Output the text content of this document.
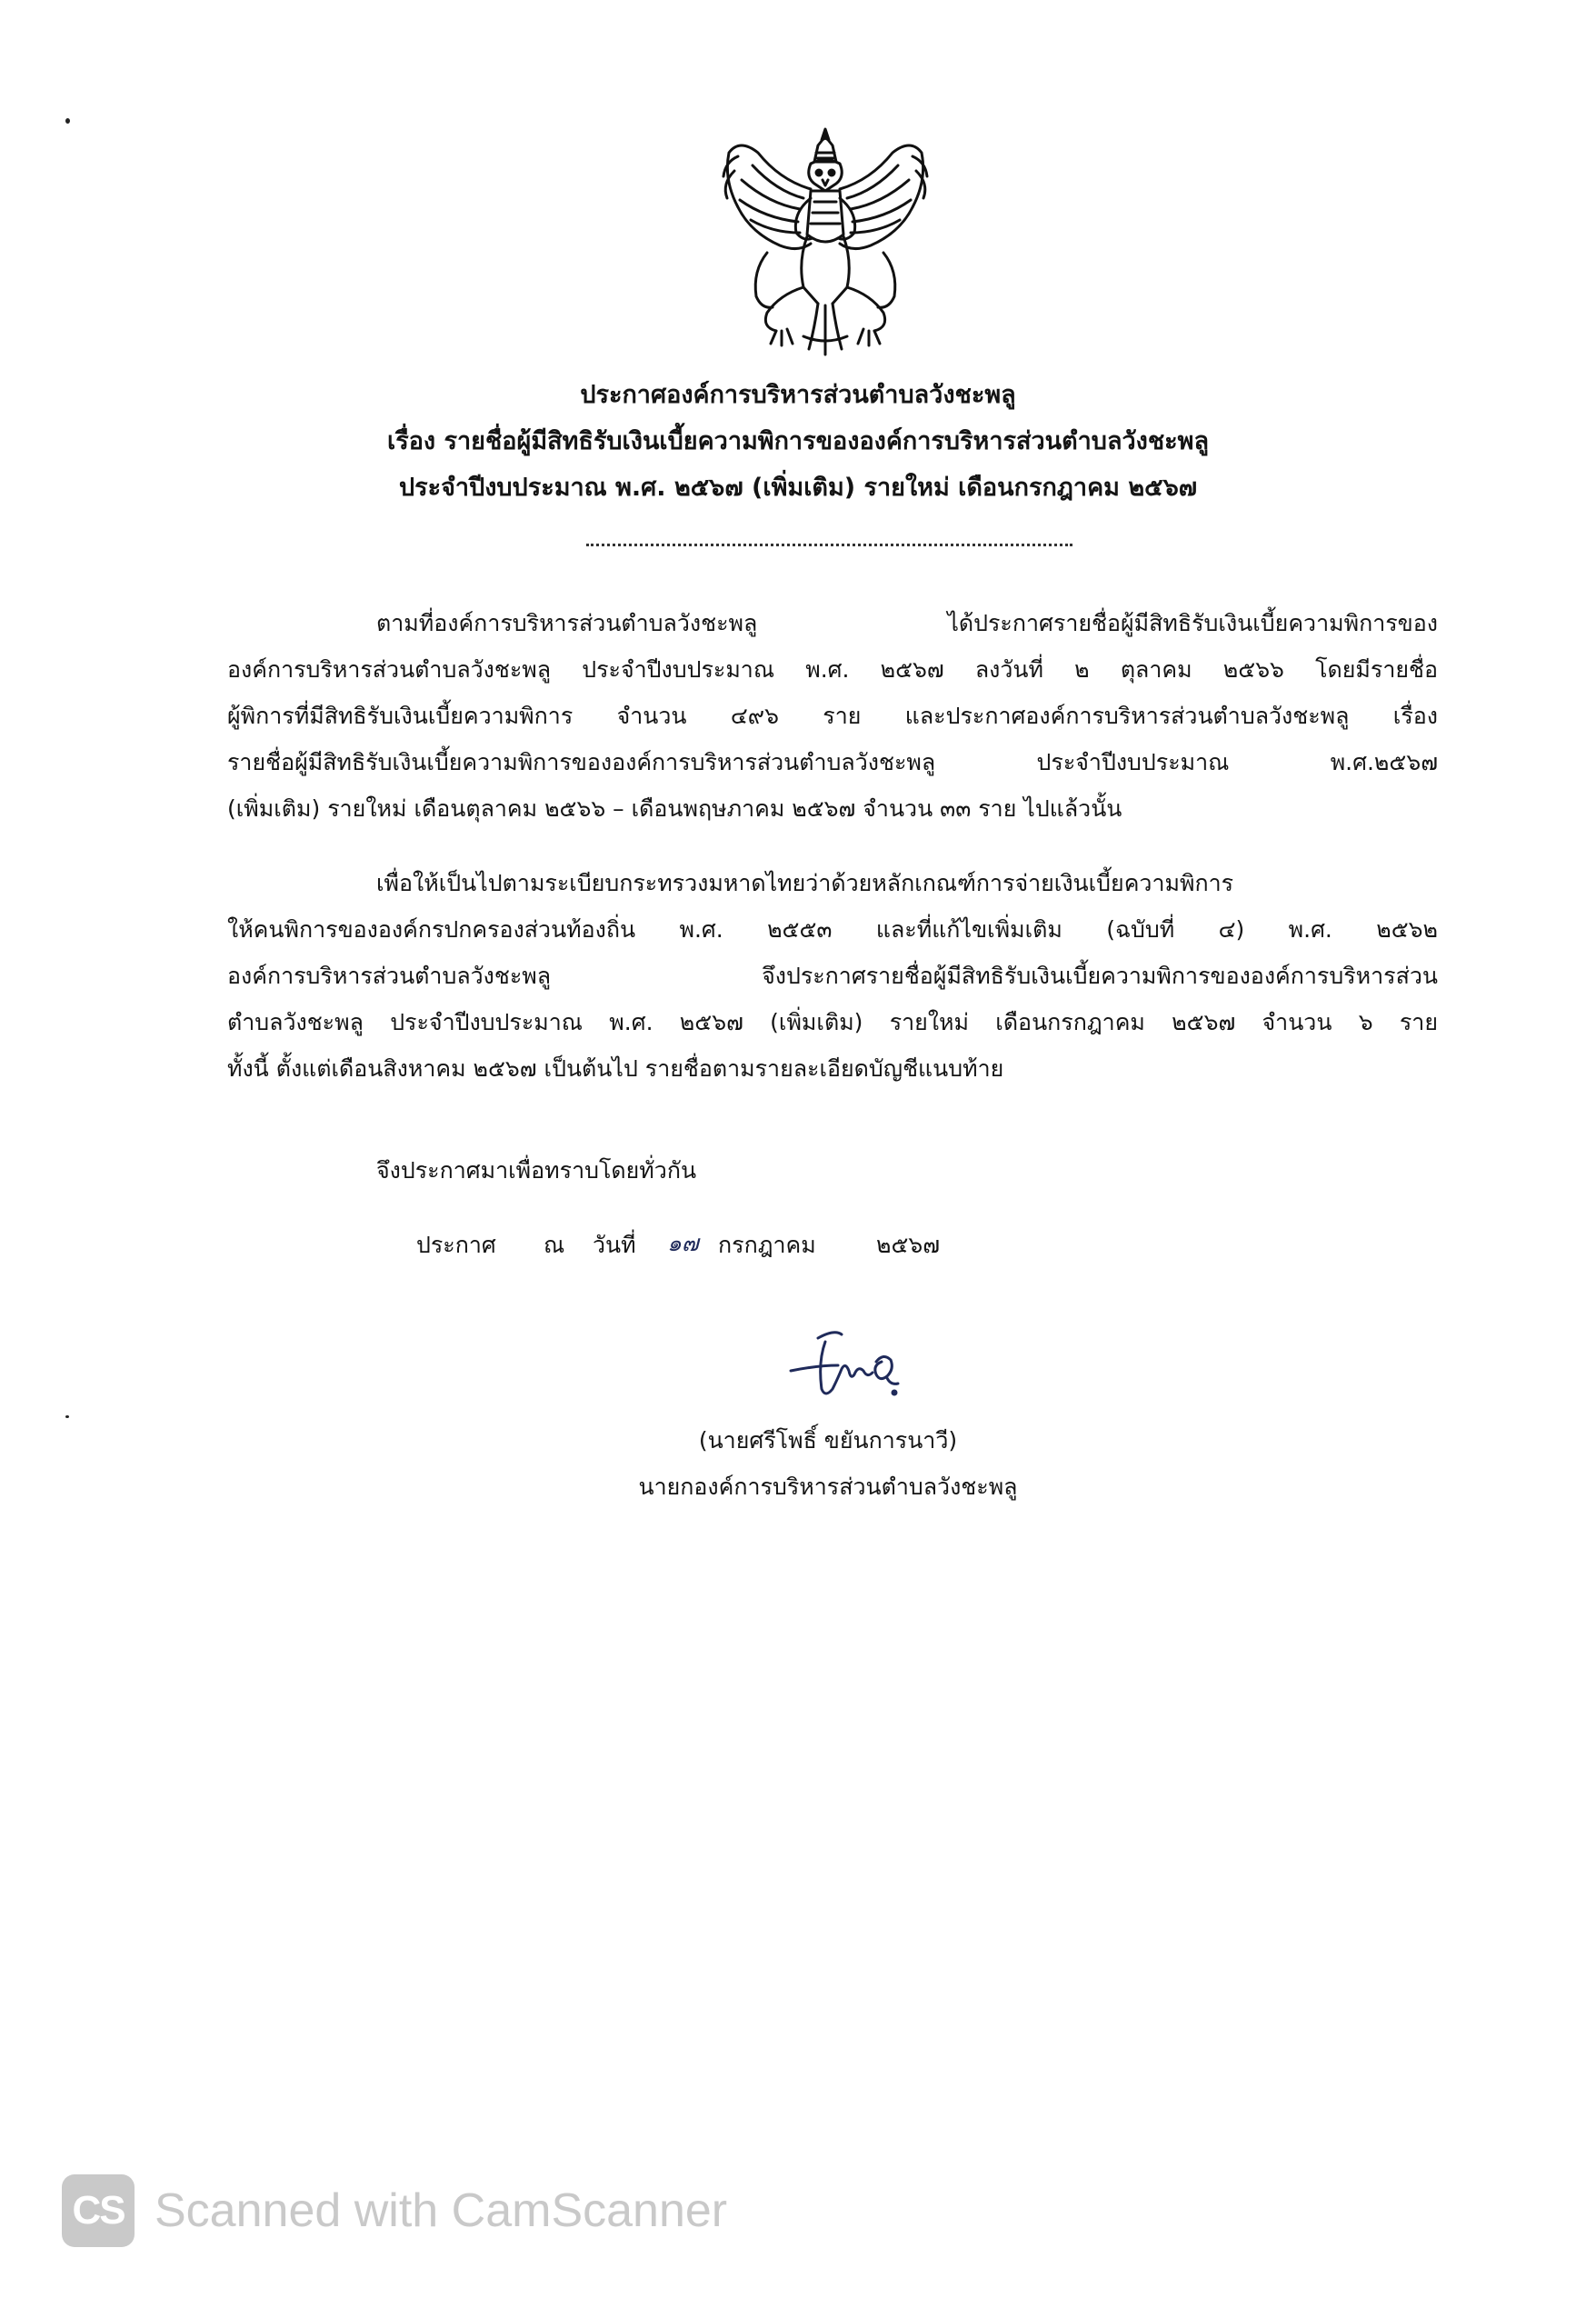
ประกาศองค์การบริหารส่วนตำบลวังชะพลู
เรื่อง รายชื่อผู้มีสิทธิรับเงินเบี้ยความพิการขององค์การบริหารส่วนตำบลวังชะพลู
ประจำปีงบประมาณ พ.ศ. ๒๕๖๗ (เพิ่มเติม) รายใหม่ เดือนกรกฎาคม ๒๕๖๗
ตามที่องค์การบริหารส่วนตำบลวังชะพลู ได้ประกาศรายชื่อผู้มีสิทธิรับเงินเบี้ยความพิการของ
องค์การบริหารส่วนตำบลวังชะพลู ประจำปีงบประมาณ พ.ศ. ๒๕๖๗ ลงวันที่ ๒ ตุลาคม ๒๕๖๖ โดยมีรายชื่อ
ผู้พิการที่มีสิทธิรับเงินเบี้ยความพิการ จำนวน ๔๙๖ ราย และประกาศองค์การบริหารส่วนตำบลวังชะพลู เรื่อง
รายชื่อผู้มีสิทธิรับเงินเบี้ยความพิการขององค์การบริหารส่วนตำบลวังชะพลู ประจำปีงบประมาณ พ.ศ.๒๕๖๗
(เพิ่มเติม) รายใหม่ เดือนตุลาคม ๒๕๖๖ – เดือนพฤษภาคม ๒๕๖๗ จำนวน ๓๓ ราย ไปแล้วนั้น
เพื่อให้เป็นไปตามระเบียบกระทรวงมหาดไทยว่าด้วยหลักเกณฑ์การจ่ายเงินเบี้ยความพิการ
ให้คนพิการขององค์กรปกครองส่วนท้องถิ่น พ.ศ. ๒๕๕๓ และที่แก้ไขเพิ่มเติม (ฉบับที่ ๔) พ.ศ. ๒๕๖๒
องค์การบริหารส่วนตำบลวังชะพลู จึงประกาศรายชื่อผู้มีสิทธิรับเงินเบี้ยความพิการขององค์การบริหารส่วน
ตำบลวังชะพลู ประจำปีงบประมาณ พ.ศ. ๒๕๖๗ (เพิ่มเติม) รายใหม่ เดือนกรกฎาคม ๒๕๖๗ จำนวน ๖ ราย
ทั้งนี้ ตั้งแต่เดือนสิงหาคม ๒๕๖๗ เป็นต้นไป รายชื่อตามรายละเอียดบัญชีแนบท้าย
จึงประกาศมาเพื่อทราบโดยทั่วกัน
ประกาศ ณ วันที่ ๑๗ กรกฎาคม	๒๕๖๗
(นายศรีโพธิ์ ขยันการนาวี)
นายกองค์การบริหารส่วนตำบลวังชะพลู
CS Scanned with CamScanner
